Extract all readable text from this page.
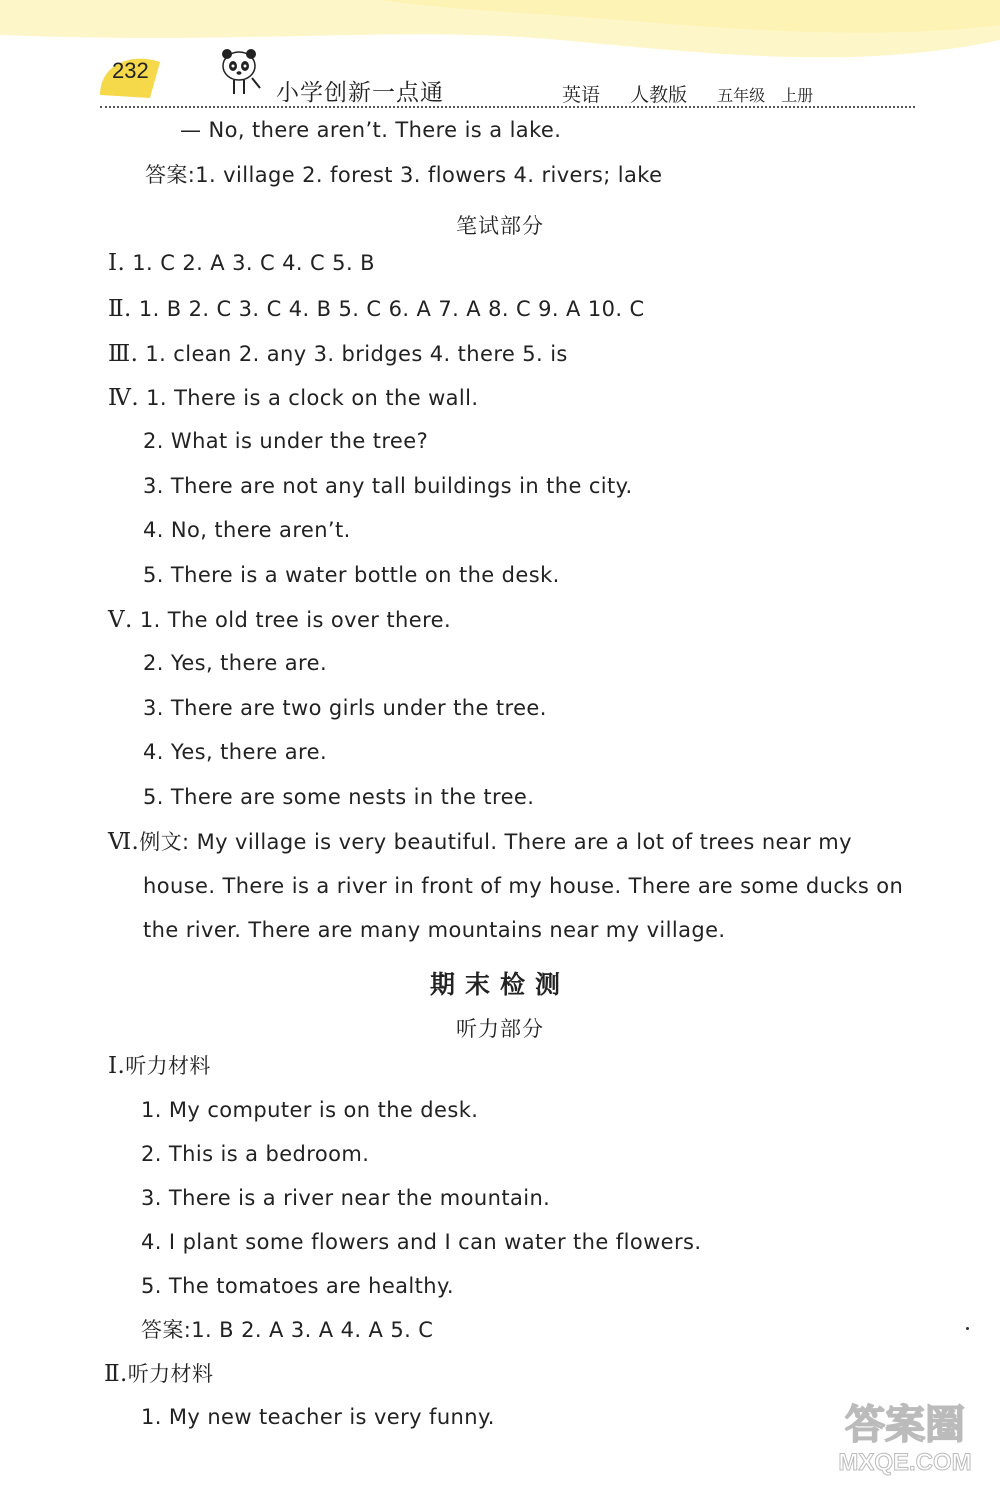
232
小学创新一点通	英语 人教版 五年级 上册
— No, there aren’t. There is a lake.
答案:1. village 2. forest 3. flowers 4. rivers; lake
笔试部分
Ⅰ. 1. C 2. A 3. C 4. C 5. B
Ⅱ. 1. B 2. C 3. C 4. B 5. C 6. A 7. A 8. C 9. A 10. C
Ⅲ. 1. clean 2. any 3. bridges 4. there 5. is
Ⅳ. 1. There is a clock on the wall.
2. What is under the tree?
3. There are not any tall buildings in the city.
4. No, there aren’t.
5. There is a water bottle on the desk.
Ⅴ. 1. The old tree is over there.
2. Yes, there are.
3. There are two girls under the tree.
4. Yes, there are.
5. There are some nests in the tree.
Ⅵ.例文: My village is very beautiful. There are a lot of trees near my
house. There is a river in front of my house. There are some ducks on
the river. There are many mountains near my village.
期末检测
听力部分
Ⅰ.听力材料
1. My computer is on the desk.
2. This is a bedroom.
3. There is a river near the mountain.
4. I plant some flowers and I can water the flowers.
5. The tomatoes are healthy.
答案:1. B 2. A 3. A 4. A 5. C
Ⅱ.听力材料
1. My new teacher is very funny.	答案圈
MXQE.COM
